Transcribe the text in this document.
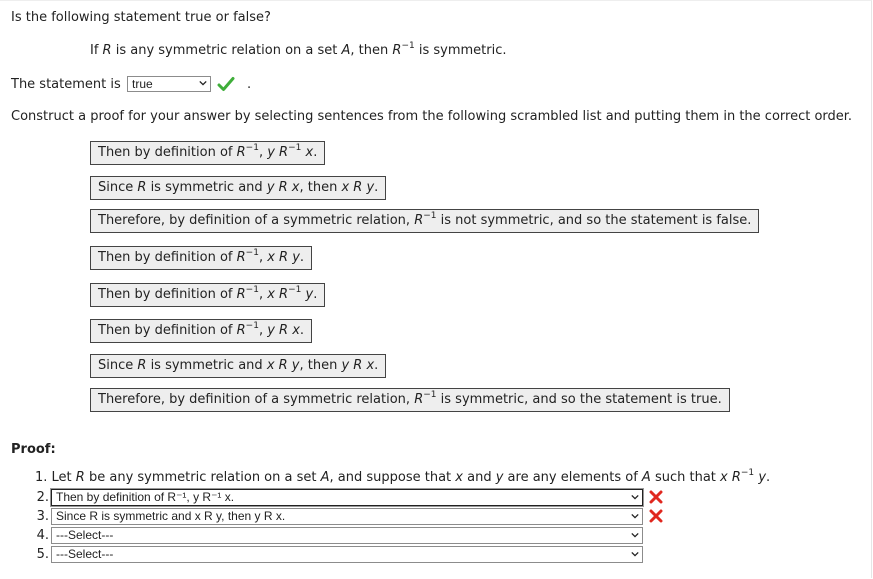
Is the following statement true or false?
If R is any symmetric relation on a set A, then $R^{-1}$ is symmetric.
The statement is true	.
Construct a proof for your answer by selecting sentences from the following scrambled list and putting them in the correct order.
Then by definition of $R^{-1}$, y $R^{-1}$ x.
Since R is symmetric and y R x, then x R y.
Therefore, by definition of a symmetric relation, $R^{-1}$ is not symmetric, and so the statement is false.
Then by definition of $R^{-1}$, x R y.
Then by definition of $R^{-1}$, x $R^{-1}$ y.
Then by definition of $R^{-1}$, y R x.
Since R is symmetric and x R y, then y R x.
Therefore, by definition of a symmetric relation, $R^{-1}$ is symmetric, and so the statement is true.
Proof:
1. Let R be any symmetric relation on a set A, and suppose that x and y are any elements of A such that x $R^{-1}$ y.
2. Then by definition of R⁻¹, y R⁻¹ x.
3. Since R is symmetric and x R y, then y R x.
4. ---Select---
5. ---Select---
